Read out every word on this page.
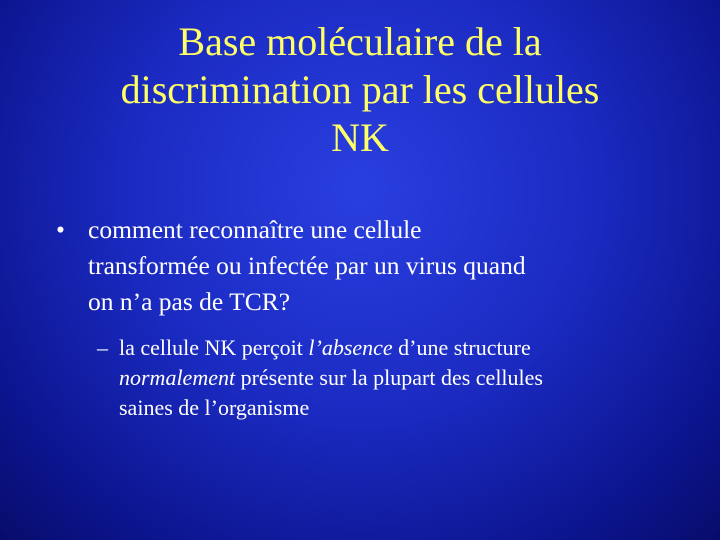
Base moléculaire de la
discrimination par les cellules
NK
• comment reconnaître une cellule
transformée ou infectée par un virus quand
on n’a pas de TCR?
– la cellule NK perçoit l’absence d’une structure
normalement présente sur la plupart des cellules
saines de l’organisme
